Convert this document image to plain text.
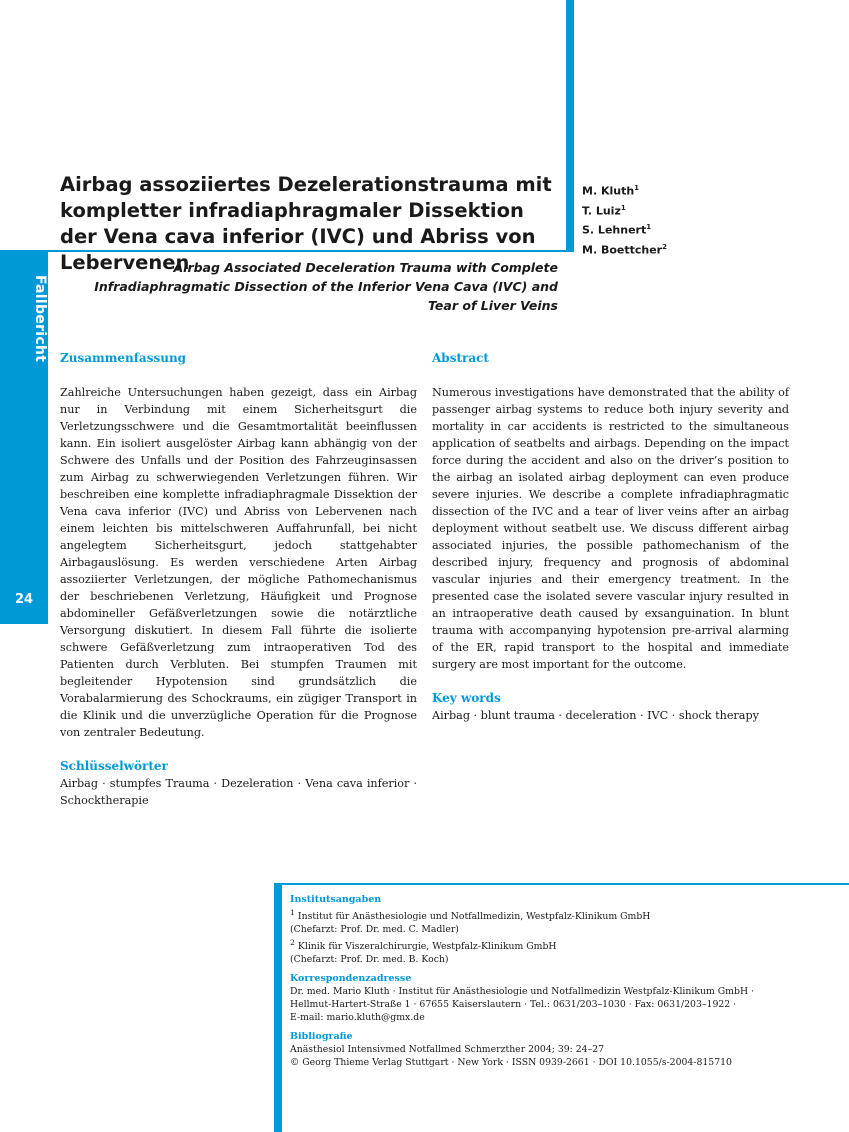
Fallbericht
24
Airbag assoziiertes Dezelerationstrauma mit kompletter infradiaphragmaler Dissektion der Vena cava inferior (IVC) und Abriss von Lebervenen
M. Kluth$^1$
T. Luiz$^1$
S. Lehnert$^1$
M. Boettcher$^2$

Airbag Associated Deceleration Trauma with Complete Infradiaphragmatic Dissection of the Inferior Vena Cava (IVC) and Tear of Liver Veins

Zusammenfassung

Zahlreiche Untersuchungen haben gezeigt, dass ein Airbag nur in Verbindung mit einem Sicherheitsgurt die Verletzungsschwere und die Gesamtmortalität beeinflussen kann. Ein isoliert ausgelöster Airbag kann abhängig von der Schwere des Unfalls und der Position des Fahrzeuginsassen zum Airbag zu schwerwiegenden Verletzungen führen. Wir beschreiben eine komplette infradiaphragmale Dissektion der Vena cava inferior (IVC) und Abriss von Lebervenen nach einem leichten bis mittelschweren Auffahrunfall, bei nicht angelegtem Sicherheitsgurt, jedoch stattgehabter Airbagauslösung. Es werden verschiedene Arten Airbag assoziierter Verletzungen, der mögliche Pathomechanismus der beschriebenen Verletzung, Häufigkeit und Prognose abdomineller Gefäßverletzungen sowie die notärztliche Versorgung diskutiert. In diesem Fall führte die isolierte schwere Gefäßverletzung zum intraoperativen Tod des Patienten durch Verbluten. Bei stumpfen Traumen mit begleitender Hypotension sind grundsätzlich die Vorabalarmierung des Schockraums, ein zügiger Transport in die Klinik und die unverzügliche Operation für die Prognose von zentraler Bedeutung.

Schlüsselwörter

Airbag · stumpfes Trauma · Dezeleration · Vena cava inferior · Schocktherapie

Abstract

Numerous investigations have demonstrated that the ability of passenger airbag systems to reduce both injury severity and mortality in car accidents is restricted to the simultaneous application of seatbelts and airbags. Depending on the impact force during the accident and also on the driver’s position to the airbag an isolated airbag deployment can even produce severe injuries. We describe a complete infradiaphragmatic dissection of the IVC and a tear of liver veins after an airbag deployment without seatbelt use. We discuss different airbag associated injuries, the possible pathomechanism of the described injury, frequency and prognosis of abdominal vascular injuries and their emergency treatment. In the presented case the isolated severe vascular injury resulted in an intraoperative death caused by exsanguination. In blunt trauma with accompanying hypotension pre-arrival alarming of the ER, rapid transport to the hospital and immediate surgery are most important for the outcome.

Key words

Airbag · blunt trauma · deceleration · IVC · shock therapy

Institutsangaben
$^1$ Institut für Anästhesiologie und Notfallmedizin, Westpfalz-Klinikum GmbH
(Chefarzt: Prof. Dr. med. C. Madler)
$^2$ Klinik für Viszeralchirurgie, Westpfalz-Klinikum GmbH
(Chefarzt: Prof. Dr. med. B. Koch)
Korrespondenzadresse
Dr. med. Mario Kluth · Institut für Anästhesiologie und Notfallmedizin Westpfalz-Klinikum GmbH ·
Hellmut-Hartert-Straße 1 · 67655 Kaiserslautern · Tel.: 0631/203–1030 · Fax: 0631/203–1922 ·
E-mail: mario.kluth@gmx.de
Bibliografie
Anästhesiol Intensivmed Notfallmed Schmerzther 2004; 39: 24–27
© Georg Thieme Verlag Stuttgart · New York · ISSN 0939-2661 · DOI 10.1055/s-2004-815710
